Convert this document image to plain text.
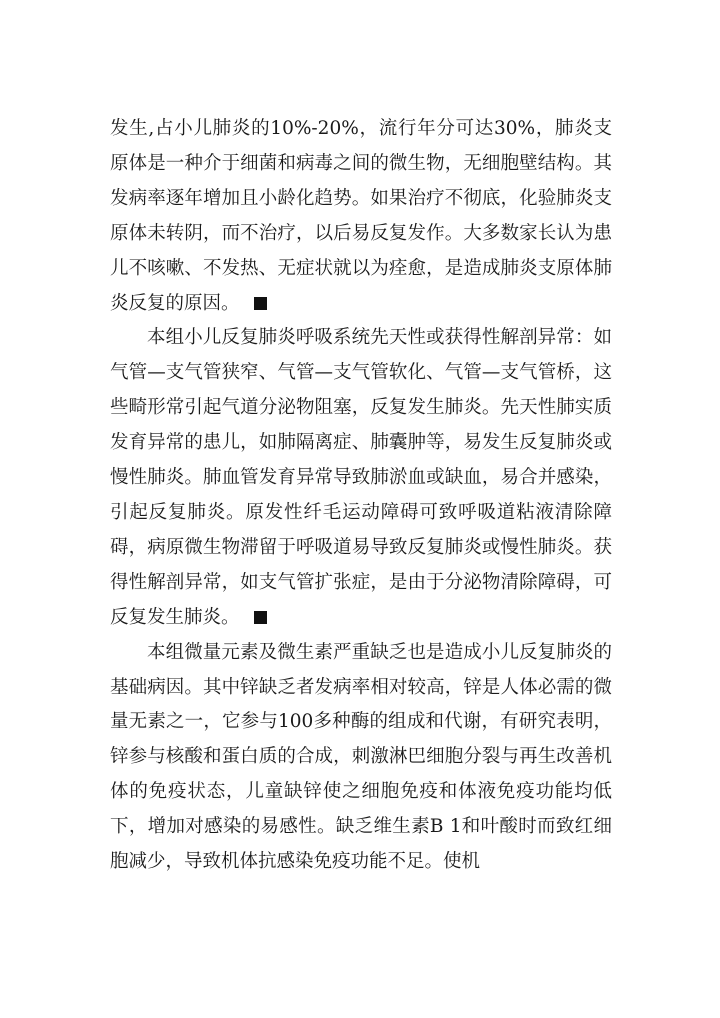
发生,占小儿肺炎的10%-20%，流行年分可达30%，肺炎支原体是一种介于细菌和病毒之间的微生物，无细胞壁结构。其发病率逐年增加且小龄化趋势。如果治疗不彻底，化验肺炎支原体未转阴，而不治疗，以后易反复发作。大多数家长认为患儿不咳嗽、不发热、无症状就以为痊愈，是造成肺炎支原体肺炎反复的原因。

本组小儿反复肺炎呼吸系统先天性或获得性解剖异常：如气管—支气管狭窄、气管—支气管软化、气管—支气管桥，这些畸形常引起气道分泌物阻塞，反复发生肺炎。先天性肺实质发育异常的患儿，如肺隔离症、肺囊肿等，易发生反复肺炎或慢性肺炎。肺血管发育异常导致肺淤血或缺血，易合并感染，引起反复肺炎。原发性纤毛运动障碍可致呼吸道粘液清除障碍，病原微生物滞留于呼吸道易导致反复肺炎或慢性肺炎。获得性解剖异常，如支气管扩张症，是由于分泌物清除障碍，可反复发生肺炎。

本组微量元素及微生素严重缺乏也是造成小儿反复肺炎的基础病因。其中锌缺乏者发病率相对较高，锌是人体必需的微量无素之一，它参与100多种酶的组成和代谢，有研究表明，锌参与核酸和蛋白质的合成，刺激淋巴细胞分裂与再生改善机体的免疫状态，儿童缺锌使之细胞免疫和体液免疫功能均低下，增加对感染的易感性。缺乏维生素B 1和叶酸时而致红细胞减少，导致机体抗感染免疫功能不足。使机
